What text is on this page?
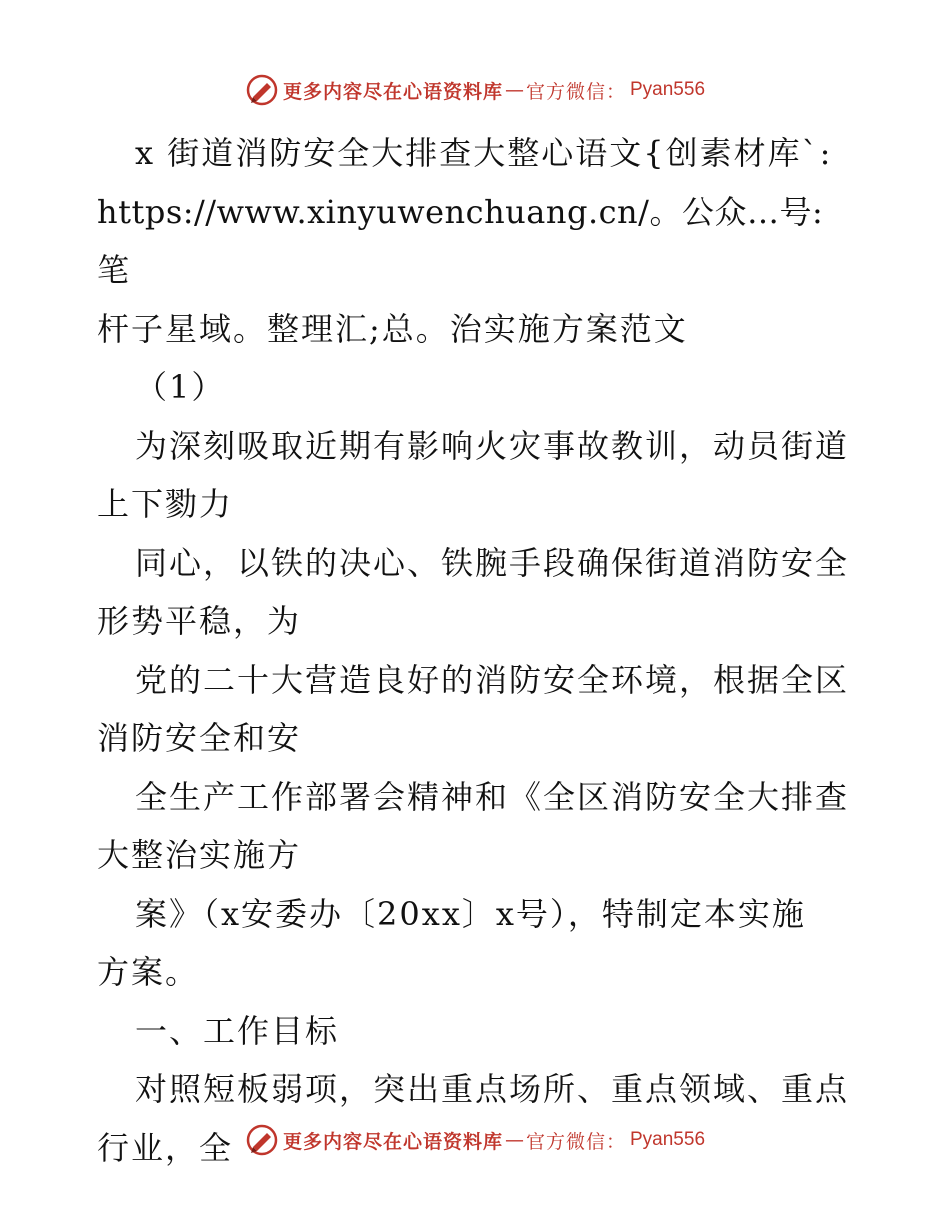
更多内容尽在心语资料库 — 官方微信： Pyan556

x 街道消防安全大排查大整心语文{创素材库`:

https://www.xinyuwenchuang.cn/。公众…号: 笔

杆子星域。整理汇;总。治实施方案范文

（1）

为深刻吸取近期有影响火灾事故教训，动员街道

上下勠力

同心，以铁的决心、铁腕手段确保街道消防安全

形势平稳，为

党的二十大营造良好的消防安全环境，根据全区

消防安全和安

全生产工作部署会精神和《全区消防安全大排查

大整治实施方

案》（x安委办〔20xx〕x号），特制定本实施

方案。

一、工作目标

对照短板弱项，突出重点场所、重点领域、重点

行业，全	更多内容尽在心语资料库 — 官方微信： Pyan556
